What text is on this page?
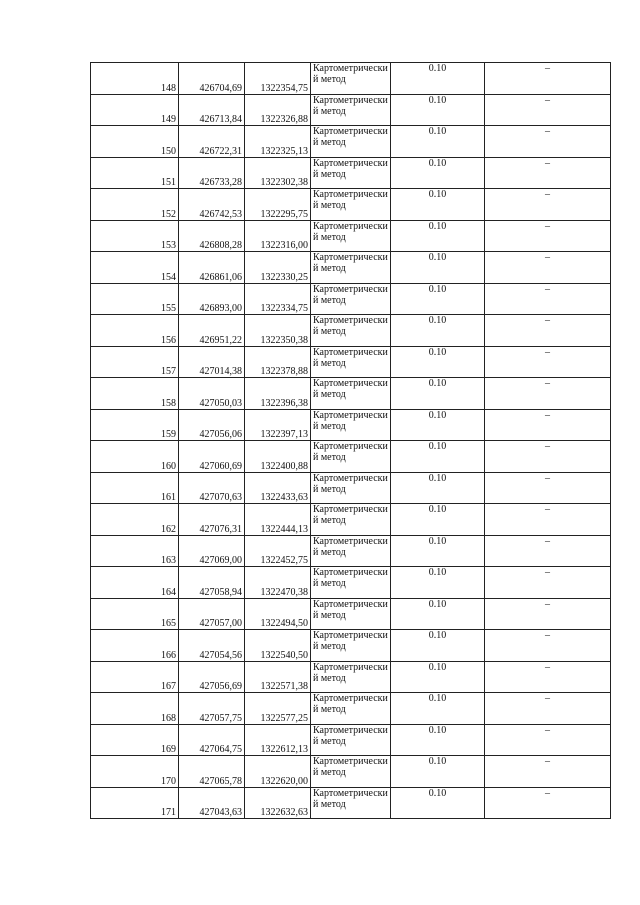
148	426704,69	1322354,75	Картометрический метод	0.10	–
149	426713,84	1322326,88	Картометрический метод	0.10	–
150	426722,31	1322325,13	Картометрический метод	0.10	–
151	426733,28	1322302,38	Картометрический метод	0.10	–
152	426742,53	1322295,75	Картометрический метод	0.10	–
153	426808,28	1322316,00	Картометрический метод	0.10	–
154	426861,06	1322330,25	Картометрический метод	0.10	–
155	426893,00	1322334,75	Картометрический метод	0.10	–
156	426951,22	1322350,38	Картометрический метод	0.10	–
157	427014,38	1322378,88	Картометрический метод	0.10	–
158	427050,03	1322396,38	Картометрический метод	0.10	–
159	427056,06	1322397,13	Картометрический метод	0.10	–
160	427060,69	1322400,88	Картометрический метод	0.10	–
161	427070,63	1322433,63	Картометрический метод	0.10	–
162	427076,31	1322444,13	Картометрический метод	0.10	–
163	427069,00	1322452,75	Картометрический метод	0.10	–
164	427058,94	1322470,38	Картометрический метод	0.10	–
165	427057,00	1322494,50	Картометрический метод	0.10	–
166	427054,56	1322540,50	Картометрический метод	0.10	–
167	427056,69	1322571,38	Картометрический метод	0.10	–
168	427057,75	1322577,25	Картометрический метод	0.10	–
169	427064,75	1322612,13	Картометрический метод	0.10	–
170	427065,78	1322620,00	Картометрический метод	0.10	–
171	427043,63	1322632,63	Картометрический метод	0.10	–
